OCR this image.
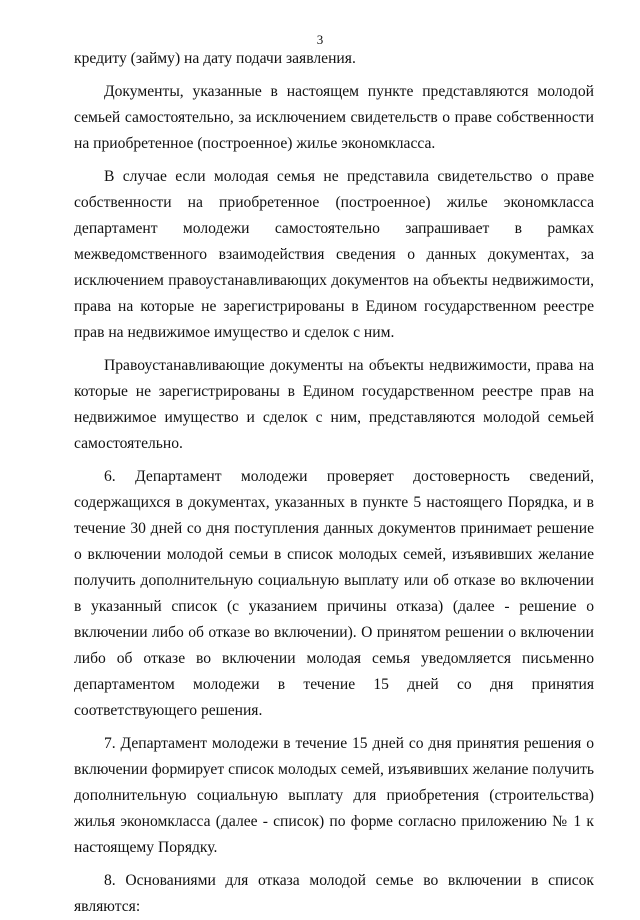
3

кредиту (займу) на дату подачи заявления.

Документы, указанные в настоящем пункте представляются молодой семьей самостоятельно, за исключением свидетельств о праве собственности на приобретенное (построенное) жилье экономкласса.

В случае если молодая семья не представила свидетельство о праве собственности на приобретенное (построенное) жилье экономкласса департамент молодежи самостоятельно запрашивает в рамках межведомственного взаимодействия сведения о данных документах, за исключением правоустанавливающих документов на объекты недвижимости, права на которые не зарегистрированы в Едином государственном реестре прав на недвижимое имущество и сделок с ним.

Правоустанавливающие документы на объекты недвижимости, права на которые не зарегистрированы в Едином государственном реестре прав на недвижимое имущество и сделок с ним, представляются молодой семьей самостоятельно.

6. Департамент молодежи проверяет достоверность сведений, содержащихся в документах, указанных в пункте 5 настоящего Порядка, и в течение 30 дней со дня поступления данных документов принимает решение о включении молодой семьи в список молодых семей, изъявивших желание получить дополнительную социальную выплату или об отказе во включении в указанный список (с указанием причины отказа) (далее - решение о включении либо об отказе во включении). О принятом решении о включении либо об отказе во включении молодая семья уведомляется письменно департаментом молодежи в течение 15 дней со дня принятия соответствующего решения.

7. Департамент молодежи в течение 15 дней со дня принятия решения о включении формирует список молодых семей, изъявивших желание получить дополнительную социальную выплату для приобретения (строительства) жилья экономкласса (далее - список) по форме согласно приложению № 1 к настоящему Порядку.

8. Основаниями для отказа молодой семье во включении в список являются:
